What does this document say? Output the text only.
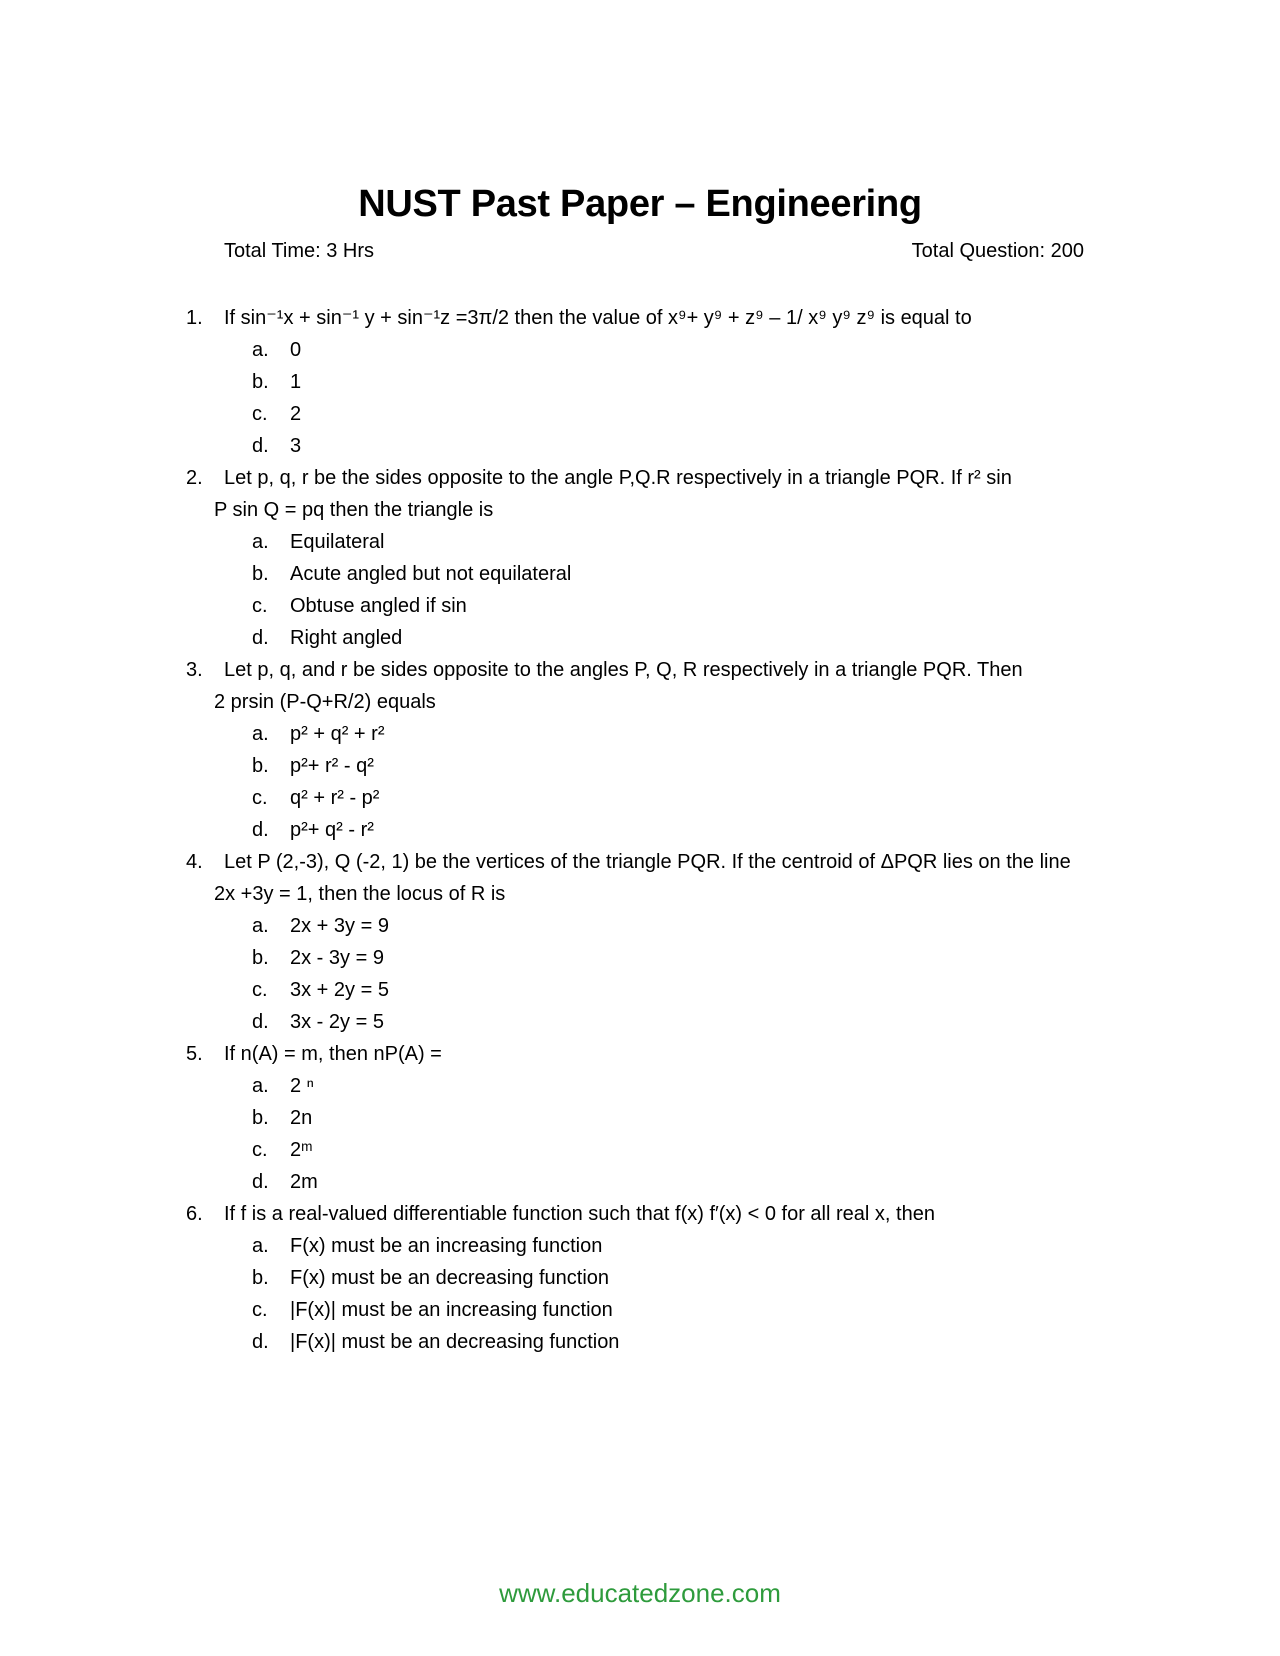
NUST Past Paper – Engineering
Total Time: 3 Hrs	Total Question: 200
1. If sin⁻¹x + sin⁻¹ y + sin⁻¹z =3π/2 then the value of x⁹+ y⁹ + z⁹ – 1/ x⁹ y⁹ z⁹ is equal to
a. 0
b. 1
c. 2
d. 3
2. Let p, q, r be the sides opposite to the angle P,Q.R respectively in a triangle PQR. If r² sin
P sin Q = pq then the triangle is
a. Equilateral
b. Acute angled but not equilateral
c. Obtuse angled if sin
d. Right angled
3. Let p, q, and r be sides opposite to the angles P, Q, R respectively in a triangle PQR. Then
2 prsin (P-Q+R/2) equals
a. p² + q² + r²
b. p²+ r² - q²
c. q² + r² - p²
d. p²+ q² - r²
4. Let P (2,-3), Q (-2, 1) be the vertices of the triangle PQR. If the centroid of ΔPQR lies on the line
2x +3y = 1, then the locus of R is
a. 2x + 3y = 9
b. 2x - 3y = 9
c. 3x + 2y = 5
d. 3x - 2y = 5
5. If n(A) = m, then nP(A) =
a. 2 ⁿ
b. 2n
c. 2ᵐ
d. 2m
6. If f is a real-valued differentiable function such that f(x) f′(x) < 0 for all real x, then
a. F(x) must be an increasing function
b. F(x) must be an decreasing function
c. |F(x)| must be an increasing function
d. |F(x)| must be an decreasing function
www.educatedzone.com
